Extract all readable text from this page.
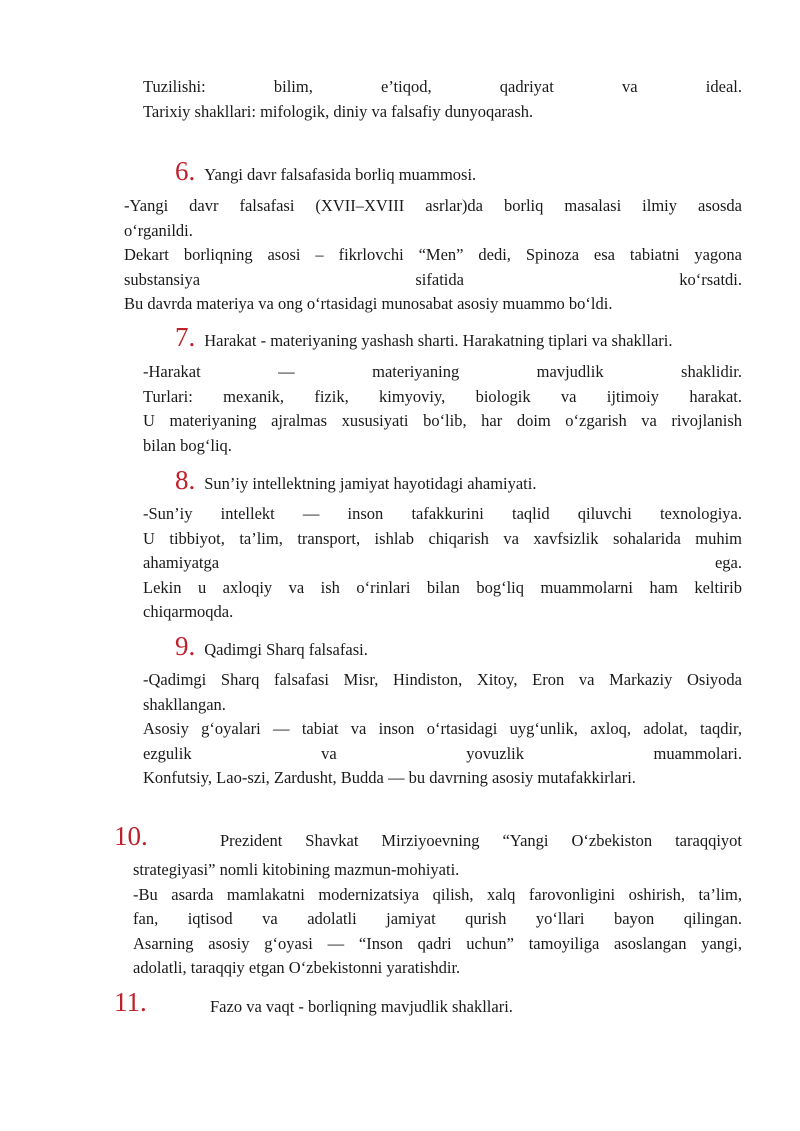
Tuzilishi: bilim, e’tiqod, qadriyat va ideal.

Tarixiy shakllari: mifologik, diniy va falsafiy dunyoqarash.

6. Yangi davr falsafasida borliq muammosi.

-Yangi davr falsafasi (XVII–XVIII asrlar)da borliq masalasi ilmiy asosda

o‘rganildi.

Dekart borliqning asosi – fikrlovchi “Men” dedi, Spinoza esa tabiatni yagona

substansiya sifatida ko‘rsatdi.

Bu davrda materiya va ong o‘rtasidagi munosabat asosiy muammo bo‘ldi.

7. Harakat - materiyaning yashash sharti. Harakatning tiplari va shakllari.

-Harakat — materiyaning mavjudlik shaklidir.

Turlari: mexanik, fizik, kimyoviy, biologik va ijtimoiy harakat.

U materiyaning ajralmas xususiyati bo‘lib, har doim o‘zgarish va rivojlanish

bilan bog‘liq.

8. Sun’iy intellektning jamiyat hayotidagi ahamiyati.

-Sun’iy intellekt — inson tafakkurini taqlid qiluvchi texnologiya.

U tibbiyot, ta’lim, transport, ishlab chiqarish va xavfsizlik sohalarida muhim

ahamiyatga ega.

Lekin u axloqiy va ish o‘rinlari bilan bog‘liq muammolarni ham keltirib

chiqarmoqda.

9. Qadimgi Sharq falsafasi.

-Qadimgi Sharq falsafasi Misr, Hindiston, Xitoy, Eron va Markaziy Osiyoda

shakllangan.

Asosiy g‘oyalari — tabiat va inson o‘rtasidagi uyg‘unlik, axloq, adolat, taqdir,

ezgulik va yovuzlik muammolari.

Konfutsiy, Lao-szi, Zardusht, Budda — bu davrning asosiy mutafakkirlari.

10.	Prezident Shavkat Mirziyoevning “Yangi O‘zbekiston taraqqiyot

strategiyasi” nomli kitobining mazmun-mohiyati.

-Bu asarda mamlakatni modernizatsiya qilish, xalq farovonligini oshirish, ta’lim,

fan, iqtisod va adolatli jamiyat qurish yo‘llari bayon qilingan.

Asarning asosiy g‘oyasi — “Inson qadri uchun” tamoyiliga asoslangan yangi,

adolatli, taraqqiy etgan O‘zbekistonni yaratishdir.

11.	Fazo va vaqt - borliqning mavjudlik shakllari.
